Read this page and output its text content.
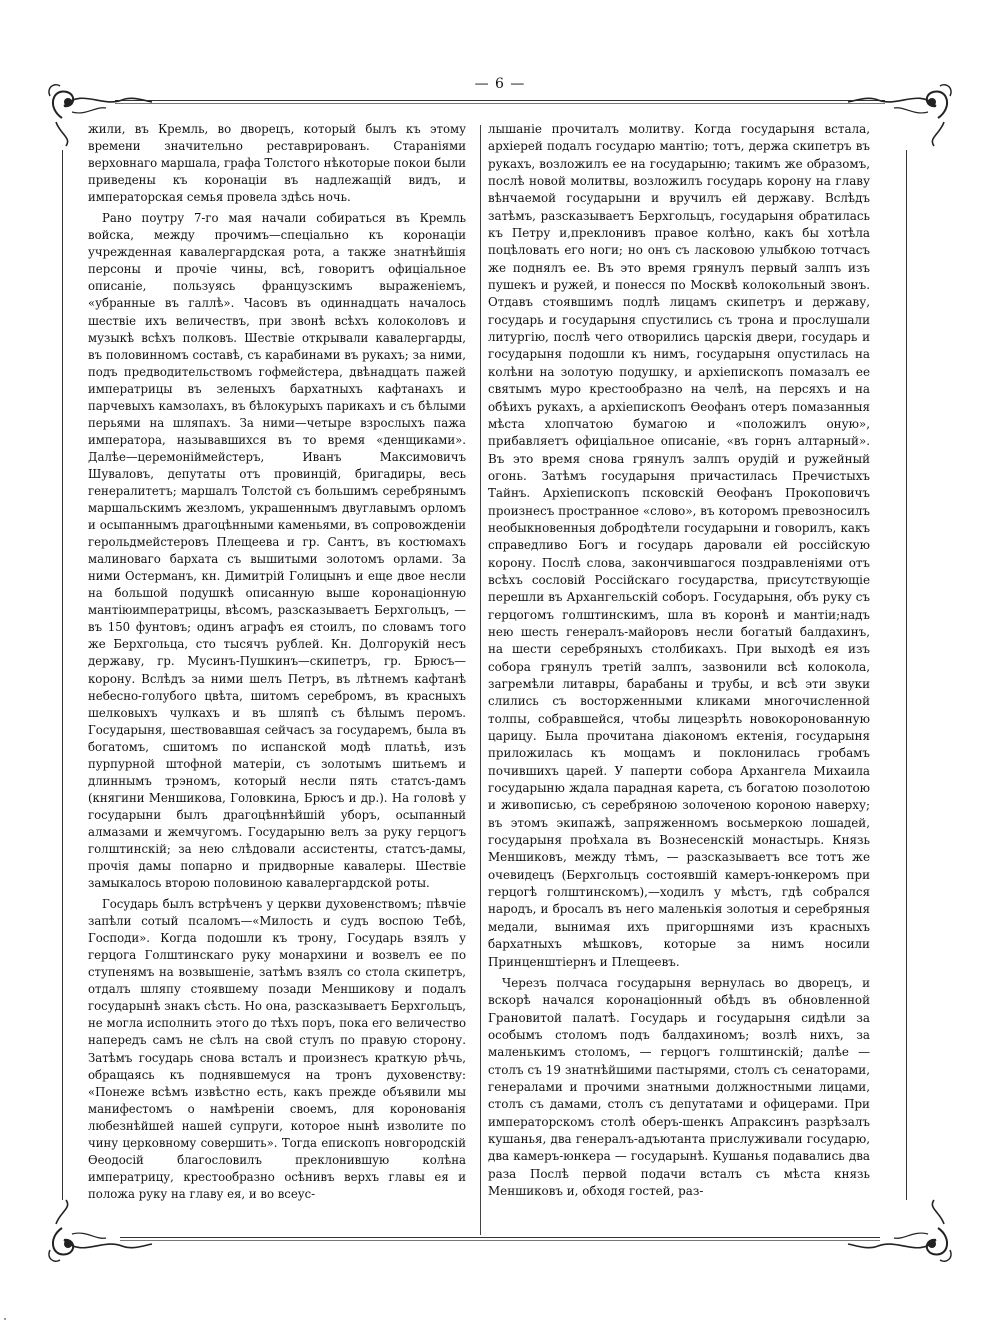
— 6 —

жили, въ Кремль, во дворецъ, который былъ къ этому времени значительно реставрированъ. Стараніями верховнаго маршала, графа Толстого нѣкоторые покои были приведены къ коронаціи въ надлежащій видъ, и императорская семья провела здѣсь ночь.

Рано поутру 7-го мая начали собираться въ Кремль войска, между прочимъ—спеціально къ коронаціи учрежденная кавалергардская рота, а также знатнѣйшія персоны и прочіе чины, всѣ, говоритъ офиціальное описаніе, пользуясь французскимъ выраженіемъ, «убранные въ галлѣ». Часовъ въ одиннадцать началось шествіе ихъ величествъ, при звонѣ всѣхъ колоколовъ и музыкѣ всѣхъ полковъ. Шествіе открывали кавалергарды, въ половинномъ составѣ, съ карабинами въ рукахъ; за ними, подъ предводительствомъ гофмейстера, двѣнадцать пажей императрицы въ зеленыхъ бархатныхъ кафтанахъ и парчевыхъ камзолахъ, въ бѣлокурыхъ парикахъ и съ бѣлыми перьями на шляпахъ. За ними—четыре взрослыхъ пажа императора, называвшихся въ то время «денщиками». Далѣе—церемонiймейстеръ, Иванъ Максимовичъ Шуваловъ, депутаты отъ провинцій, бригадиры, весь генералитетъ; маршалъ Толстой съ большимъ серебрянымъ маршальскимъ жезломъ, украшеннымъ двуглавымъ орломъ и осыпаннымъ драгоцѣнными каменьями, въ сопровожденіи герольдмейстеровъ Плещеева и гр. Сантъ, въ костюмахъ малиноваго бархата съ вышитыми золотомъ орлами. За ними Остерманъ, кн. Димитрій Голицынъ и еще двое несли на большой подушкѣ описанную выше коронаціонную мантіюимператрицы, вѣсомъ, разсказываетъ Берхгольцъ, — въ 150 фунтовъ; одинъ аграфъ ея стоилъ, по словамъ того же Берхгольца, сто тысячъ рублей. Кн. Долгорукій несъ державу, гр. Мусинъ-Пушкинъ—скипетръ, гр. Брюсъ—корону. Вслѣдъ за ними шелъ Петръ, въ лѣтнемъ кафтанѣ небесно-голубого цвѣта, шитомъ серебромъ, въ красныхъ шелковыхъ чулкахъ и въ шляпѣ съ бѣлымъ перомъ. Государыня, шествовавшая сейчасъ за государемъ, была въ богатомъ, сшитомъ по испанской модѣ платьѣ, изъ пурпурной штофной матеріи, съ золотымъ шитьемъ и длиннымъ трэномъ, который несли пять статсъ-дамъ (княгини Меншикова, Головкина, Брюсъ и др.). На головѣ у государыни былъ драгоцѣннѣйшій уборъ, осыпанный алмазами и жемчугомъ. Государыню велъ за руку герцогъ голштинскій; за нею слѣдовали ассистенты, статсъ-дамы, прочія дамы попарно и придворные кавалеры. Шествіе замыкалось второю половиною кавалергардской роты.

Государь былъ встрѣченъ у церкви духовенствомъ; пѣвчіе запѣли сотый псаломъ—«Милость и судъ воспою Тебѣ, Господи». Когда подошли къ трону, Государь взялъ у герцога Голштинскаго руку монархини и возвелъ ее по ступенямъ на возвышеніе, затѣмъ взялъ со стола скипетръ, отдалъ шляпу стоявшему позади Меншикову и подалъ государынѣ знакъ сѣсть. Но она, разсказываетъ Берхгольцъ, не могла исполнить этого до тѣхъ поръ, пока его величество напередъ самъ не сѣлъ на свой стулъ по правую сторону. Затѣмъ государь снова всталъ и произнесъ краткую рѣчь, обращаясь къ поднявшемуся на тронъ духовенству: «Понеже всѣмъ извѣстно есть, какъ прежде объявили мы манифестомъ о намѣреніи своемъ, для коронованія любезнѣйшей нашей супруги, которое нынѣ изволите по чину церковному совершить». Тогда епископъ новгородскій Ѳеодосій благословилъ преклонившую колѣна императрицу, крестообразно осѣнивъ верхъ главы ея и положа руку на главу ея, и во всеус-

лышаніе прочиталъ молитву. Когда государыня встала, архіерей подалъ государю мантію; тотъ, держа скипетръ въ рукахъ, возложилъ ее на государыню; такимъ же образомъ, послѣ новой молитвы, возложилъ государь корону на главу вѣнчаемой государыни и вручилъ ей державу. Вслѣдъ затѣмъ, разсказываетъ Берхгольцъ, государыня обратилась къ Петру и,преклонивъ правое колѣно, какъ бы хотѣла поцѣловать его ноги; но онъ съ ласковою улыбкою тотчасъ же поднялъ ее. Въ это время грянулъ первый залпъ изъ пушекъ и ружей, и понесся по Москвѣ колокольный звонъ. Отдавъ стоявшимъ подлѣ лицамъ скипетръ и державу, государь и государыня спустились съ трона и прослушали литургію, послѣ чего отворились царскія двери, государь и государыня подошли къ нимъ, государыня опустилась на колѣни на золотую подушку, и архіепископъ помазалъ ее святымъ муро крестообразно на челѣ, на персяхъ и на обѣихъ рукахъ, а архіепископъ Ѳеофанъ отеръ помазанныя мѣста хлопчатою бумагою и «положилъ оную», прибавляетъ офиціальное описаніе, «въ горнъ алтарный». Въ это время снова грянулъ залпъ орудій и ружейный огонь. Затѣмъ государыня причастилась Пречистыхъ Тайнъ. Архіепископъ псковскій Ѳеофанъ Прокоповичъ произнесъ пространное «слово», въ которомъ превозносилъ необыкновенныя добродѣтели государыни и говорилъ, какъ справедливо Богъ и государь даровали ей россійскую корону. Послѣ слова, закончившагося поздравленіями отъ всѣхъ сословій Россійскаго государства, присутствующіе перешли въ Архангельскій соборъ. Государыня, объ руку съ герцогомъ голштинскимъ, шла въ коронѣ и мантіи;надъ нею шесть генералъ-майоровъ несли богатый балдахинъ, на шести серебряныхъ столбикахъ. При выходѣ ея изъ собора грянулъ третій залпъ, зазвонили всѣ колокола, загремѣли литавры, барабаны и трубы, и всѣ эти звуки слились съ восторженными кликами многочисленной толпы, собравшейся, чтобы лицезрѣть новокоронованную царицу. Была прочитана діакономъ ектенія, государыня приложилась къ мощамъ и поклонилась гробамъ почившихъ царей. У паперти собора Архангела Михаила государыню ждала парадная карета, съ богатою позолотою и живописью, съ серебряною золоченою короною наверху; въ этомъ экипажѣ, запряженномъ восьмеркою лошадей, государыня проѣхала въ Вознесенскій монастырь. Князь Меншиковъ, между тѣмъ, — разсказываетъ все тотъ же очевидецъ (Берхгольцъ состоявшій камеръ-юнкеромъ при герцогѣ голштинскомъ),—ходилъ у мѣстъ, гдѣ собрался народъ, и бросалъ въ него маленькія золотыя и серебряныя медали, вынимая ихъ пригоршнями изъ красныхъ бархатныхъ мѣшковъ, которые за нимъ носили Принценштіернъ и Плещеевъ.

Черезъ полчаса государыня вернулась во дворецъ, и вскорѣ начался коронаціонный обѣдъ въ обновленной Грановитой палатѣ. Государь и государыня сидѣли за особымъ столомъ подъ балдахиномъ; возлѣ нихъ, за маленькимъ столомъ, — герцогъ голштинскій; далѣе — столъ съ 19 знатнѣйшими пастырями, столъ съ сенаторами, генералами и прочими знатными должностными лицами, столъ съ дамами, столъ съ депутатами и офицерами. При императорскомъ столѣ оберъ-шенкъ Апраксинъ разрѣзалъ кушанья, два генералъ-адъютанта прислуживали государю, два камеръ-юнкера — государынѣ. Кушанья подавались два раза Послѣ первой подачи всталъ съ мѣста князь Меншиковъ и, обходя гостей, раз-
